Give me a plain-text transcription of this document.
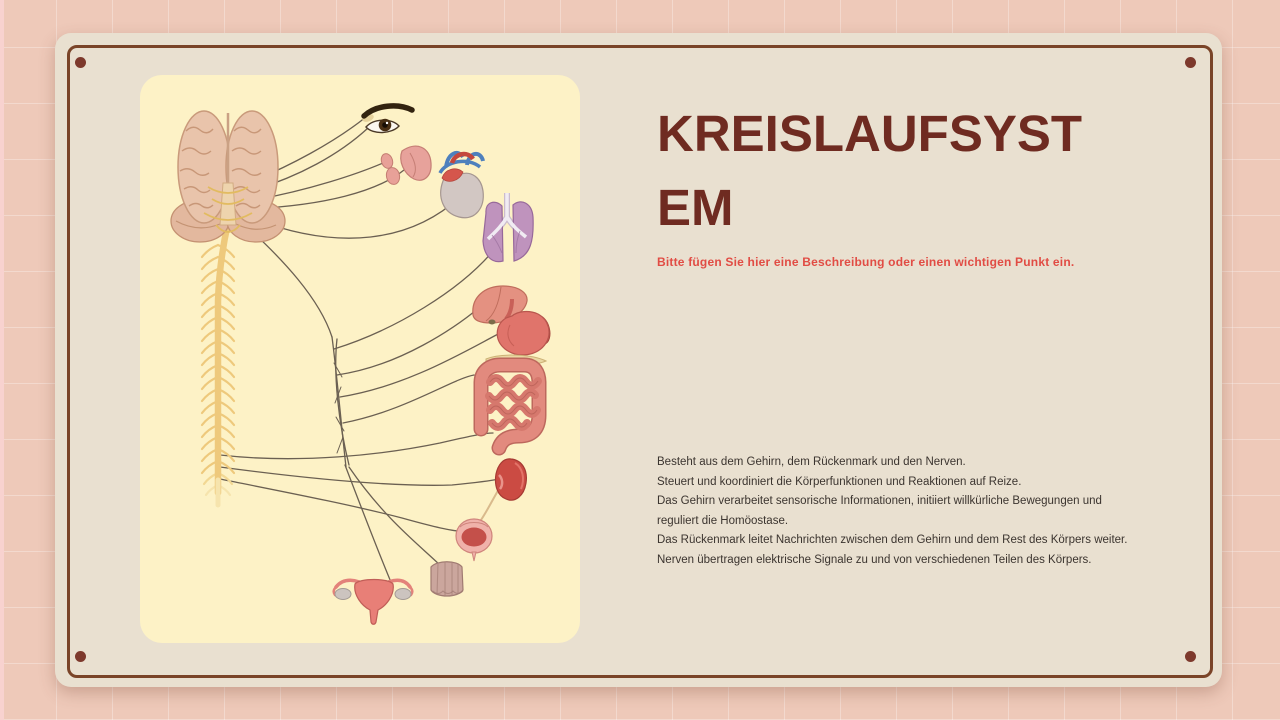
KREISLAUFSYSTEM

Bitte fügen Sie hier eine Beschreibung oder einen wichtigen Punkt ein.

Besteht aus dem Gehirn, dem Rückenmark und den Nerven.

Steuert und koordiniert die Körperfunktionen und Reaktionen auf Reize.

Das Gehirn verarbeitet sensorische Informationen, initiiert willkürliche Bewegungen und reguliert die Homöostase.

Das Rückenmark leitet Nachrichten zwischen dem Gehirn und dem Rest des Körpers weiter.

Nerven übertragen elektrische Signale zu und von verschiedenen Teilen des Körpers.
